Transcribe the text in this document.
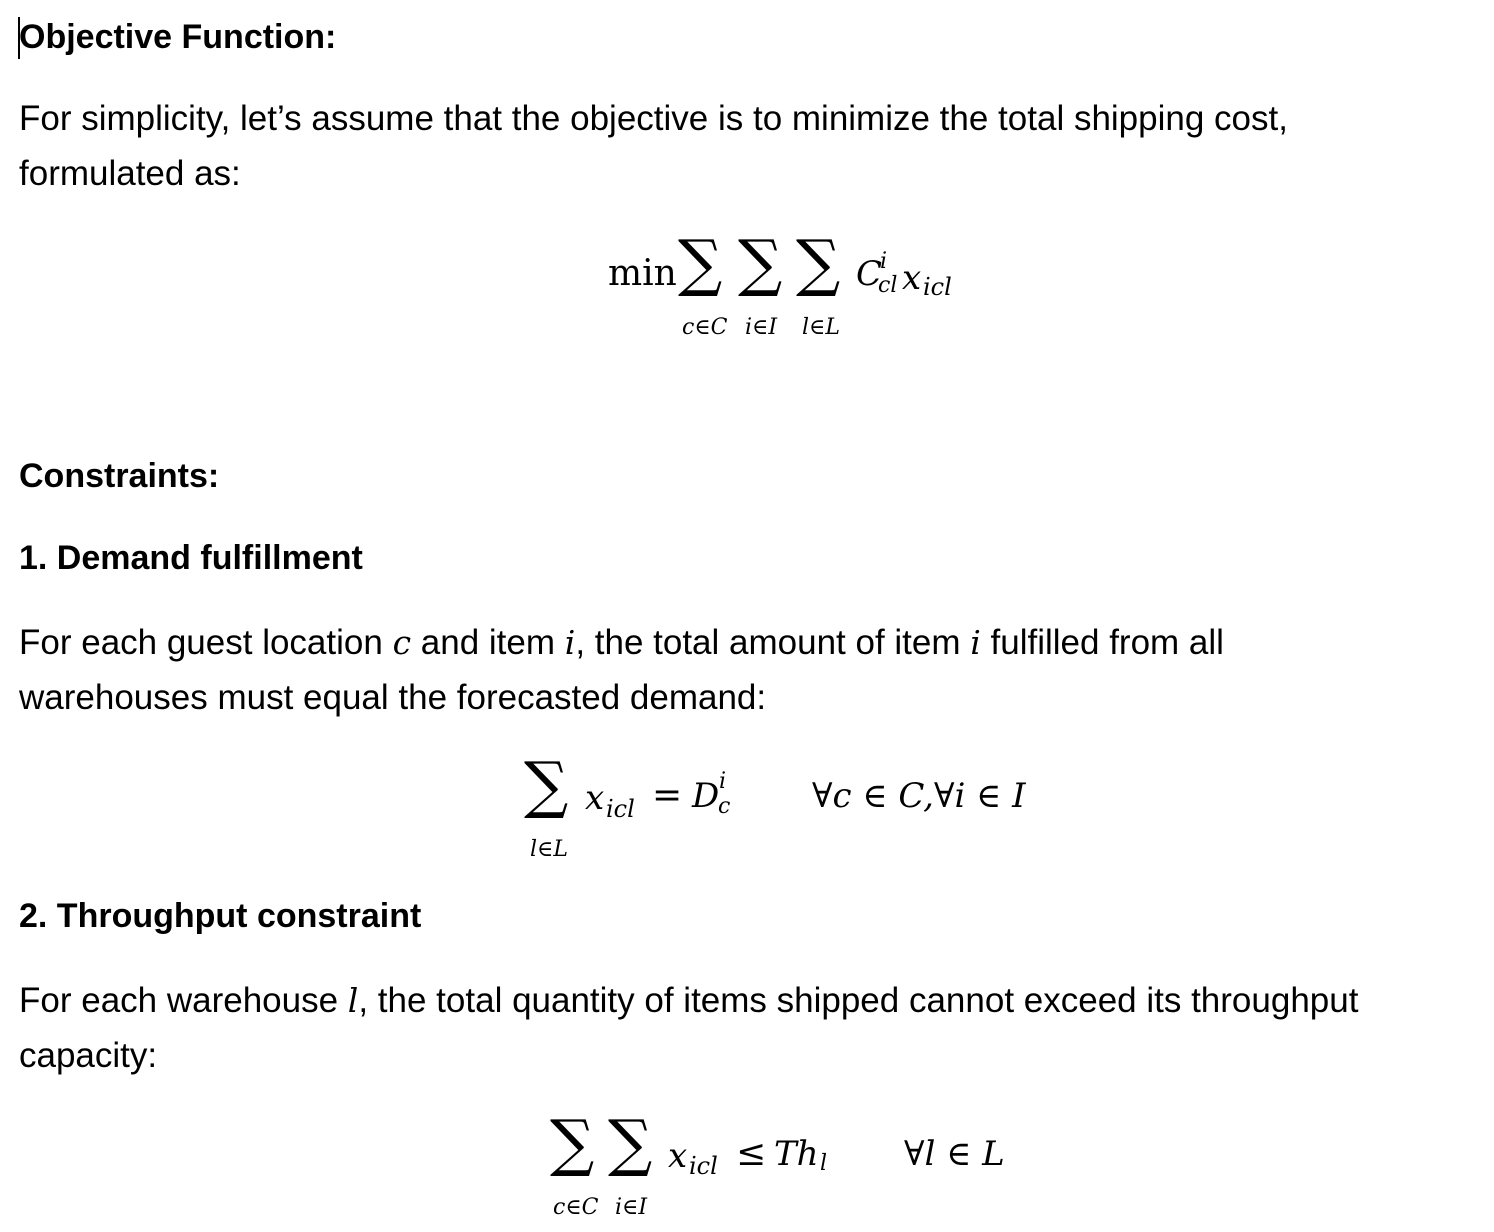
Objective Function:
For simplicity, let’s assume that the objective is to minimize the total shipping cost,
formulated as:
min ∑ ∑ ∑
c∈C i∈I l∈L
C
i
cl x icl
Constraints:
1. Demand fulfillment
For each guest location c and item i, the total amount of item i fulfilled from all
warehouses must equal the forecasted demand:
∑
l∈L
x icl = D i
c ∀c ∈ C,∀i ∈ I
2. Throughput constraint
For each warehouse l, the total quantity of items shipped cannot exceed its throughput
capacity:
∑ ∑
c∈C i∈I
x icl ≤ Th l ∀l ∈ L
